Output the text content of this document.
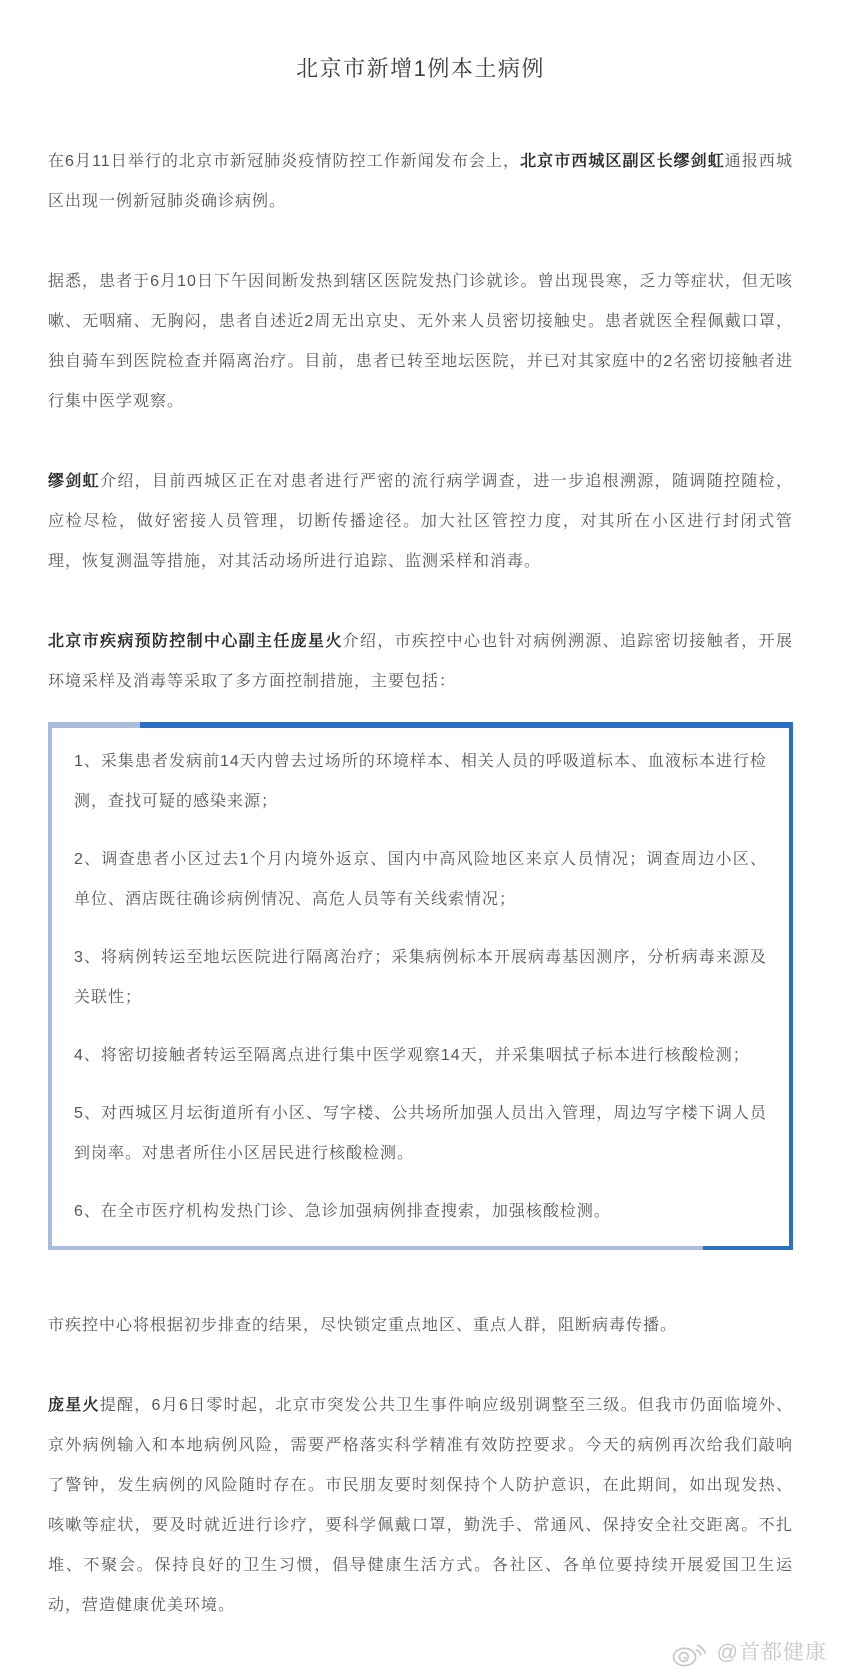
北京市新增1例本土病例

在6月11日举行的北京市新冠肺炎疫情防控工作新闻发布会上，北京市西城区副区长缪剑虹通报西城区出现一例新冠肺炎确诊病例。

据悉，患者于6月10日下午因间断发热到辖区医院发热门诊就诊。曾出现畏寒，乏力等症状，但无咳嗽、无咽痛、无胸闷，患者自述近2周无出京史、无外来人员密切接触史。患者就医全程佩戴口罩，独自骑车到医院检查并隔离治疗。目前，患者已转至地坛医院，并已对其家庭中的2名密切接触者进行集中医学观察。

缪剑虹介绍，目前西城区正在对患者进行严密的流行病学调查，进一步追根溯源，随调随控随检，应检尽检，做好密接人员管理，切断传播途径。加大社区管控力度，对其所在小区进行封闭式管理，恢复测温等措施，对其活动场所进行追踪、监测采样和消毒。

北京市疾病预防控制中心副主任庞星火介绍，市疾控中心也针对病例溯源、追踪密切接触者，开展环境采样及消毒等采取了多方面控制措施，主要包括：

1、采集患者发病前14天内曾去过场所的环境样本、相关人员的呼吸道标本、血液标本进行检测，查找可疑的感染来源；
2、调查患者小区过去1个月内境外返京、国内中高风险地区来京人员情况；调查周边小区、单位、酒店既往确诊病例情况、高危人员等有关线索情况；
3、将病例转运至地坛医院进行隔离治疗；采集病例标本开展病毒基因测序，分析病毒来源及关联性；
4、将密切接触者转运至隔离点进行集中医学观察14天，并采集咽拭子标本进行核酸检测；
5、对西城区月坛街道所有小区、写字楼、公共场所加强人员出入管理，周边写字楼下调人员到岗率。对患者所住小区居民进行核酸检测。
6、在全市医疗机构发热门诊、急诊加强病例排查搜索，加强核酸检测。

市疾控中心将根据初步排查的结果，尽快锁定重点地区、重点人群，阻断病毒传播。

庞星火提醒，6月6日零时起，北京市突发公共卫生事件响应级别调整至三级。但我市仍面临境外、京外病例输入和本地病例风险，需要严格落实科学精准有效防控要求。今天的病例再次给我们敲响了警钟，发生病例的风险随时存在。市民朋友要时刻保持个人防护意识，在此期间，如出现发热、咳嗽等症状，要及时就近进行诊疗，要科学佩戴口罩，勤洗手、常通风、保持安全社交距离。不扎堆、不聚会。保持良好的卫生习惯，倡导健康生活方式。各社区、各单位要持续开展爱国卫生运动，营造健康优美环境。

@首都健康
